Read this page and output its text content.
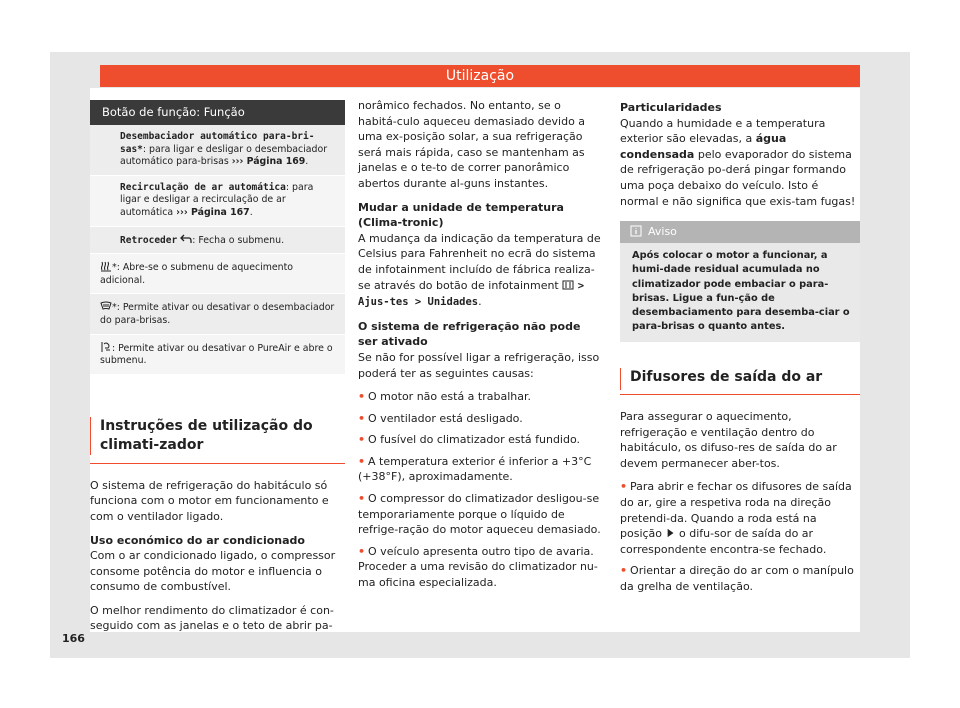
Utilização
Botão de função: Função
Desembaciador automático para-bri-sas*: para ligar e desligar o desembaciador automático para-brisas ››› Página 169.
Recirculação de ar automática: para ligar e desligar a recirculação de ar automática ››› Página 167.
Retroceder : Fecha o submenu.
*: Abre-se o submenu de aquecimento adicional.
*: Permite ativar ou desativar o desembaciador do para-brisas.
: Permite ativar ou desativar o PureAir e abre o submenu.
Instruções de utilização do climati-zador

O sistema de refrigeração do habitáculo só funciona com o motor em funcionamento e com o ventilador ligado.

Uso económico do ar condicionado

Com o ar condicionado ligado, o compressor consome potência do motor e influencia o consumo de combustível.

O melhor rendimento do climatizador é con-seguido com as janelas e o teto de abrir pa-

norâmico fechados. No entanto, se o habitá-culo aqueceu demasiado devido a uma ex-posição solar, a sua refrigeração será mais rápida, caso se mantenham as janelas e o te-to de correr panorâmico abertos durante al-guns instantes.

Mudar a unidade de temperatura (Clima-tronic)

A mudança da indicação da temperatura de Celsius para Fahrenheit no ecrã do sistema de infotainment incluído de fábrica realiza-se através do botão de infotainment > Ajus-tes > Unidades.

O sistema de refrigeração não pode ser ativado

Se não for possível ligar a refrigeração, isso poderá ter as seguintes causas:

• O motor não está a trabalhar.
• O ventilador está desligado.
• O fusível do climatizador está fundido.
• A temperatura exterior é inferior a +3°C (+38°F), aproximadamente.
• O compressor do climatizador desligou-se temporariamente porque o líquido de refrige-ração do motor aqueceu demasiado.
• O veículo apresenta outro tipo de avaria. Proceder a uma revisão do climatizador nu-ma oficina especializada.

Particularidades

Quando a humidade e a temperatura exterior são elevadas, a água condensada pelo evaporador do sistema de refrigeração po-derá pingar formando uma poça debaixo do veículo. Isto é normal e não significa que exis-tam fugas!

Aviso
Após colocar o motor a funcionar, a humi-dade residual acumulada no climatizador pode embaciar o para-brisas. Ligue a fun-ção de desembaciamento para desemba-ciar o para-brisas o quanto antes.
Difusores de saída do ar

Para assegurar o aquecimento, refrigeração e ventilação dentro do habitáculo, os difuso-res de saída do ar devem permanecer aber-tos.

• Para abrir e fechar os difusores de saída do ar, gire a respetiva roda na direção pretendi-da. Quando a roda está na posição o difu-sor de saída do ar correspondente encontra-se fechado.
• Orientar a direção do ar com o manípulo da grelha de ventilação.
166
